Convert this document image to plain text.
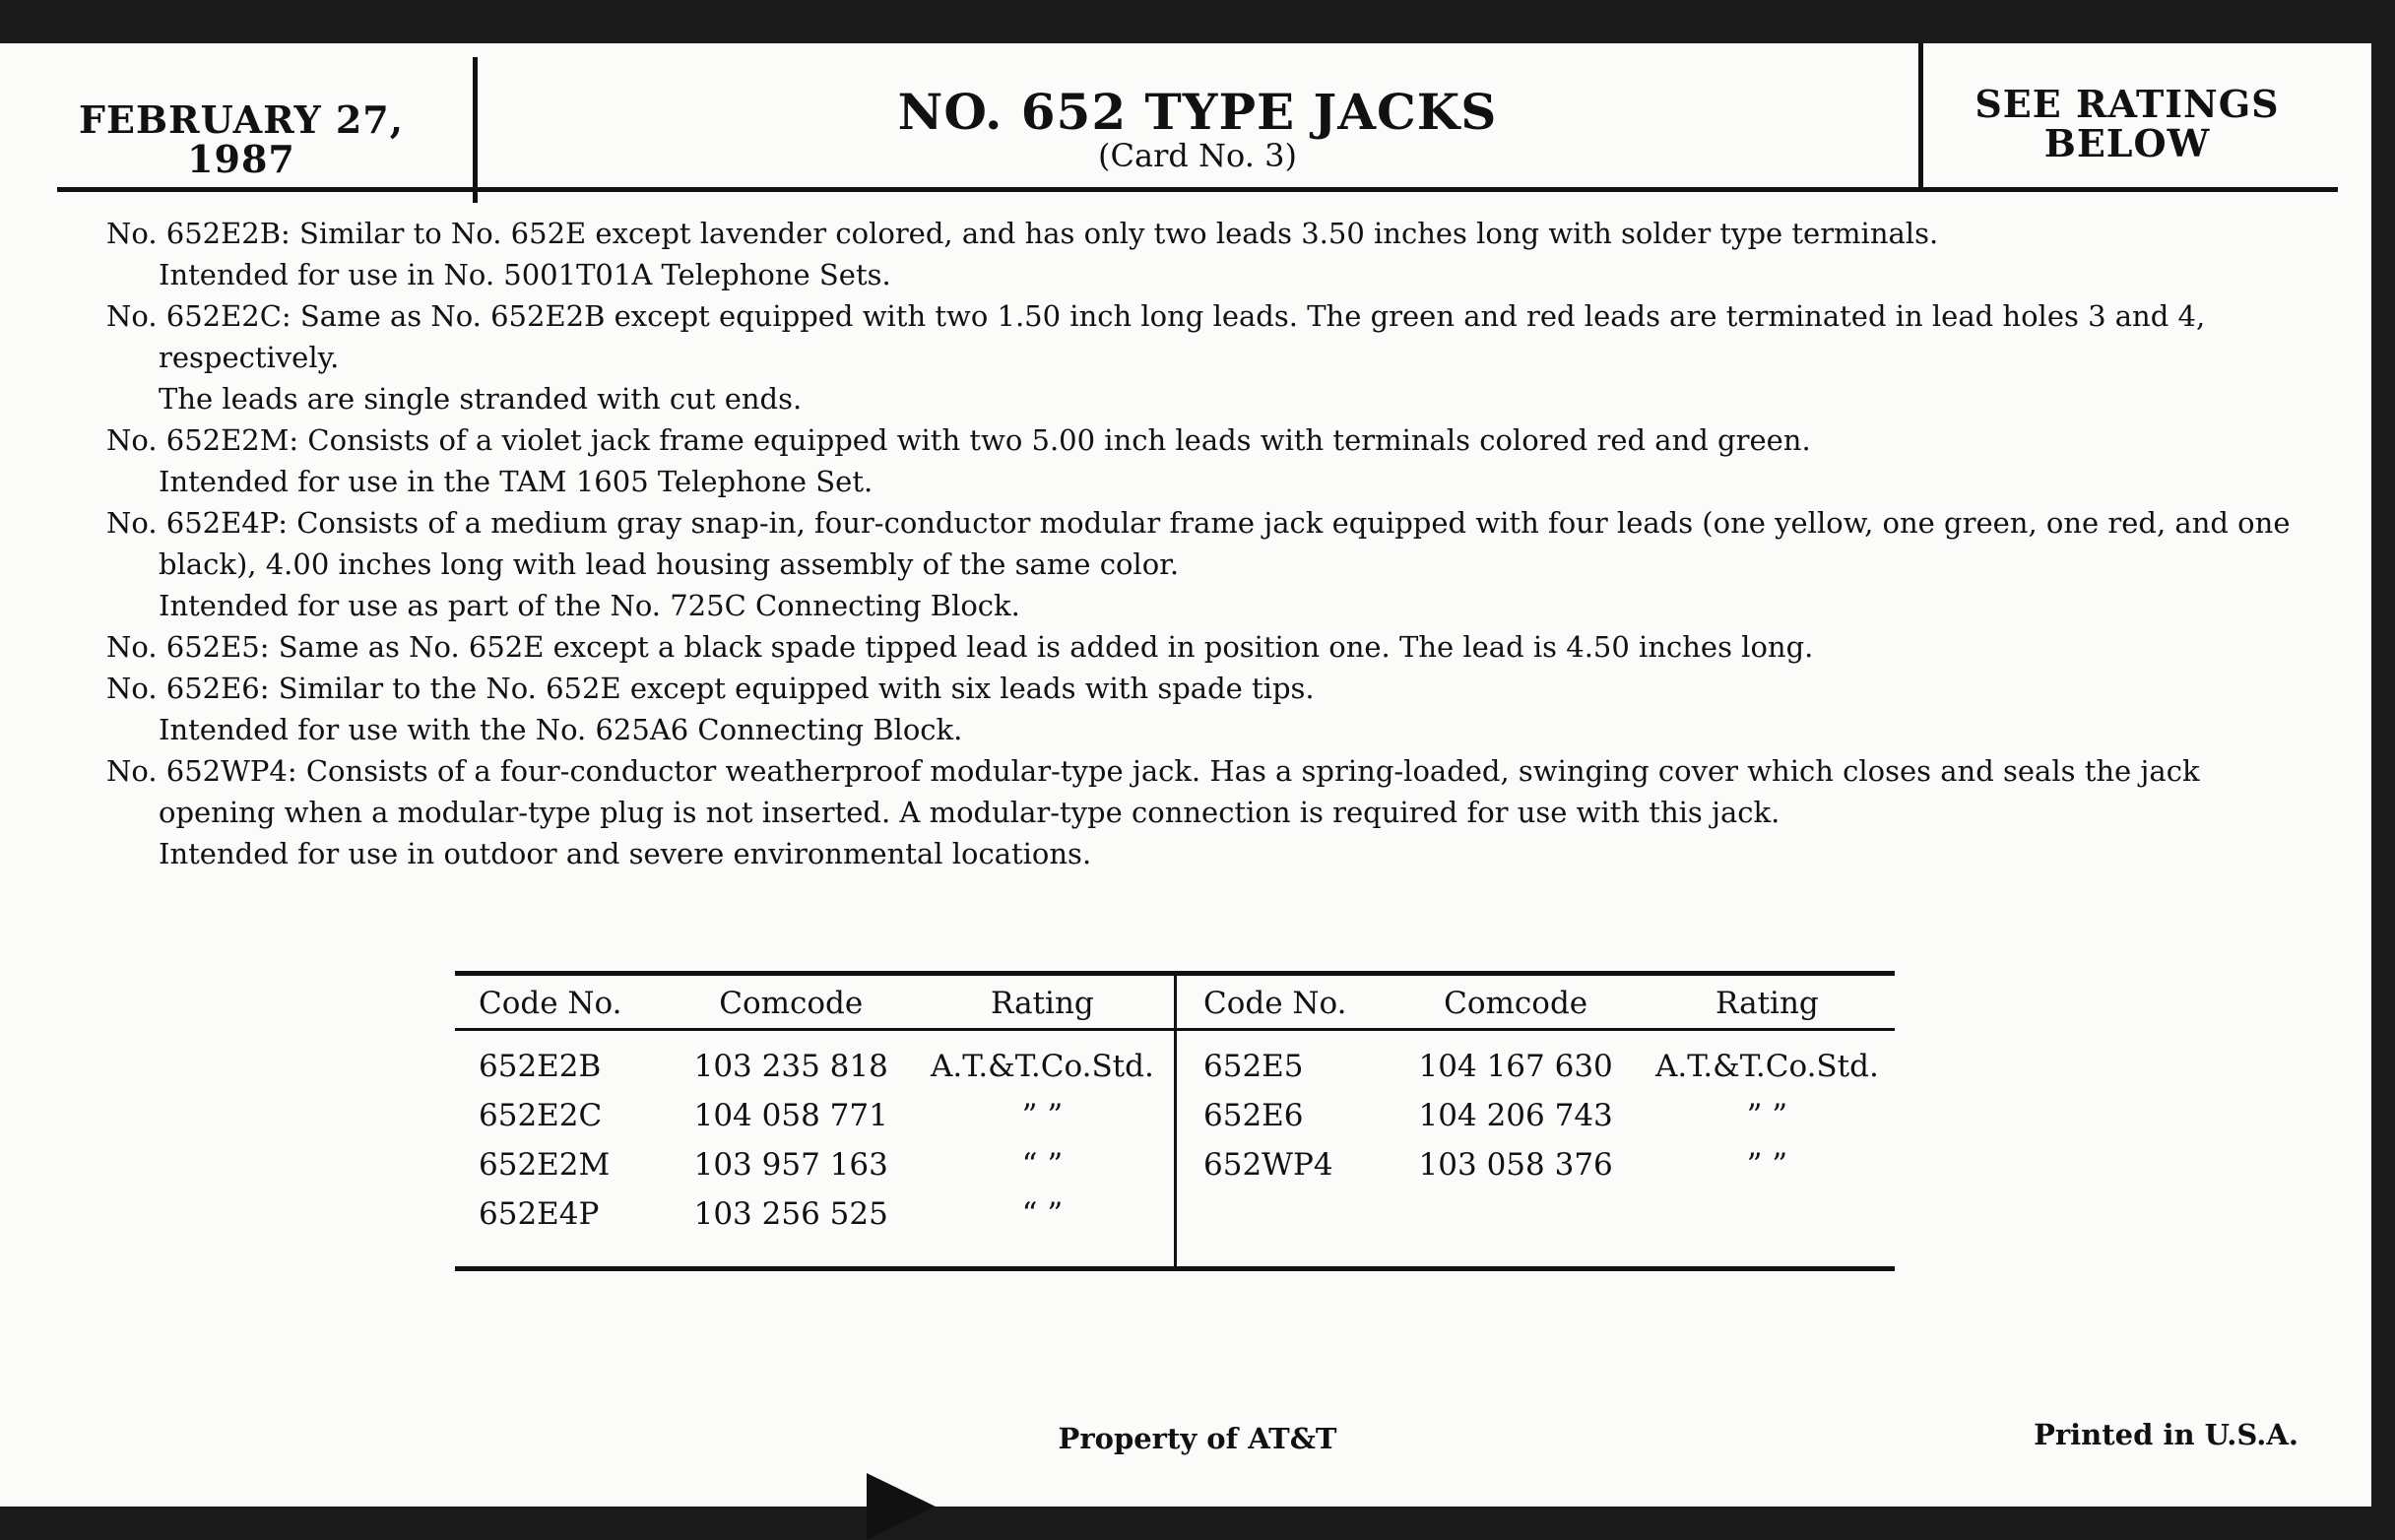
FEBRUARY 27,
1987
NO. 652 TYPE JACKS
(Card No. 3)
SEE RATINGS
BELOW
No. 652E2B: Similar to No. 652E except lavender colored, and has only two leads 3.50 inches long with solder type terminals.
Intended for use in No. 5001T01A Telephone Sets.
No. 652E2C: Same as No. 652E2B except equipped with two 1.50 inch long leads. The green and red leads are terminated in lead holes 3 and 4, respectively.
The leads are single stranded with cut ends.
No. 652E2M: Consists of a violet jack frame equipped with two 5.00 inch leads with terminals colored red and green.
Intended for use in the TAM 1605 Telephone Set.
No. 652E4P: Consists of a medium gray snap-in, four-conductor modular frame jack equipped with four leads (one yellow, one green, one red, and one black), 4.00 inches long with lead housing assembly of the same color.
Intended for use as part of the No. 725C Connecting Block.
No. 652E5: Same as No. 652E except a black spade tipped lead is added in position one. The lead is 4.50 inches long.
No. 652E6: Similar to the No. 652E except equipped with six leads with spade tips.
Intended for use with the No. 625A6 Connecting Block.
No. 652WP4: Consists of a four-conductor weatherproof modular-type jack. Has a spring-loaded, swinging cover which closes and seals the jack opening when a modular-type plug is not inserted. A modular-type connection is required for use with this jack.
Intended for use in outdoor and severe environmental locations.
Code No.	Comcode	Rating
652E2B	103 235 818	A.T.&T.Co.Std.
652E2C	104 058 771	” ”
652E2M	103 957 163	“ ”
652E4P	103 256 525	“ ”
Code No.	Comcode	Rating
652E5	104 167 630	A.T.&T.Co.Std.
652E6	104 206 743	” ”
652WP4	103 058 376	” ”
Property of AT&T	Printed in U.S.A.
